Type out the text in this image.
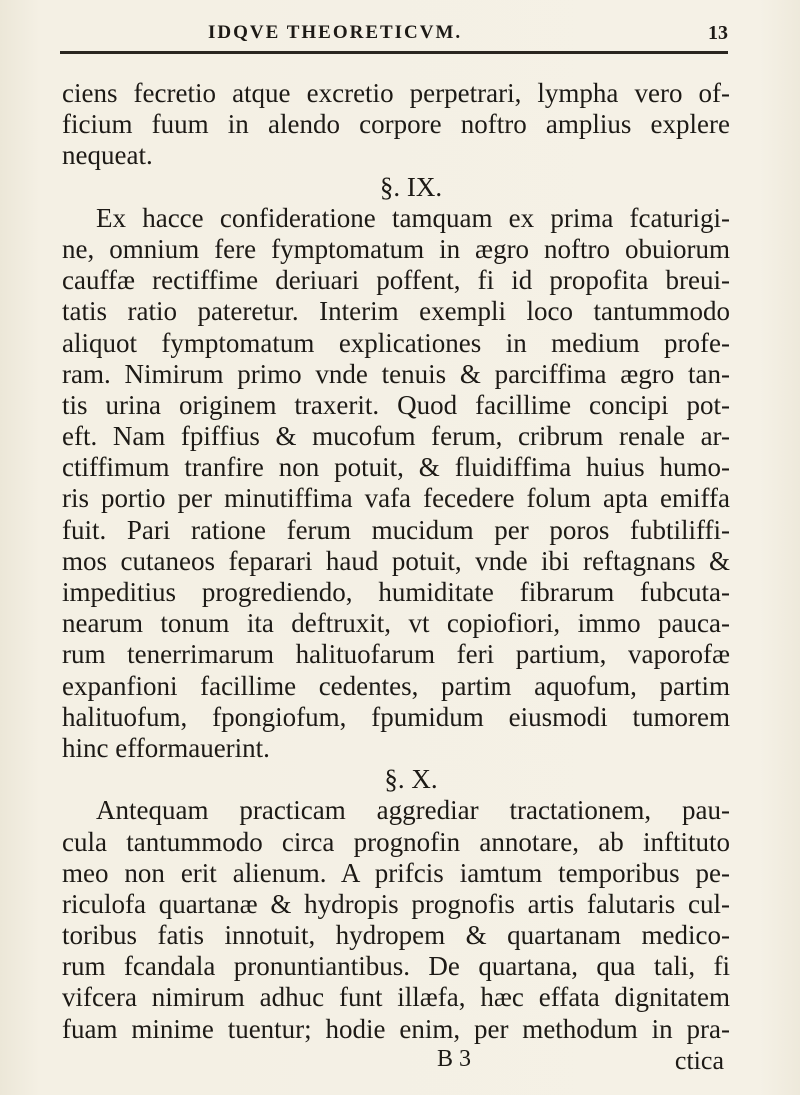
IDQVE THEORETICVM.	13
ciens fecretio atque excretio perpetrari, lympha vero of-
ficium fuum in alendo corpore noftro amplius explere
nequeat.
§. IX.
Ex hacce confideratione tamquam ex prima fcaturigi-
ne, omnium fere fymptomatum in ægro noftro obuiorum
cauffæ rectiffime deriuari poffent, fi id propofita breui-
tatis ratio pateretur. Interim exempli loco tantummodo
aliquot fymptomatum explicationes in medium profe-
ram. Nimirum primo vnde tenuis & parciffima ægro tan-
tis urina originem traxerit. Quod facillime concipi pot-
eft. Nam fpiffius & mucofum ferum, cribrum renale ar-
ctiffimum tranfire non potuit, & fluidiffima huius humo-
ris portio per minutiffima vafa fecedere folum apta emiffa
fuit. Pari ratione ferum mucidum per poros fubtiliffi-
mos cutaneos feparari haud potuit, vnde ibi reftagnans &
impeditius progrediendo, humiditate fibrarum fubcuta-
nearum tonum ita deftruxit, vt copiofiori, immo pauca-
rum tenerrimarum halituofarum feri partium, vaporofæ
expanfioni facillime cedentes, partim aquofum, partim
halituofum, fpongiofum, fpumidum eiusmodi tumorem
hinc efformauerint.
§. X.
Antequam practicam aggrediar tractationem, pau-
cula tantummodo circa prognofin annotare, ab inftituto
meo non erit alienum. A prifcis iamtum temporibus pe-
riculofa quartanæ & hydropis prognofis artis falutaris cul-
toribus fatis innotuit, hydropem & quartanam medico-
rum fcandala pronuntiantibus. De quartana, qua tali, fi
vifcera nimirum adhuc funt illæfa, hæc effata dignitatem
fuam minime tuentur; hodie enim, per methodum in pra-
B 3	ctica
